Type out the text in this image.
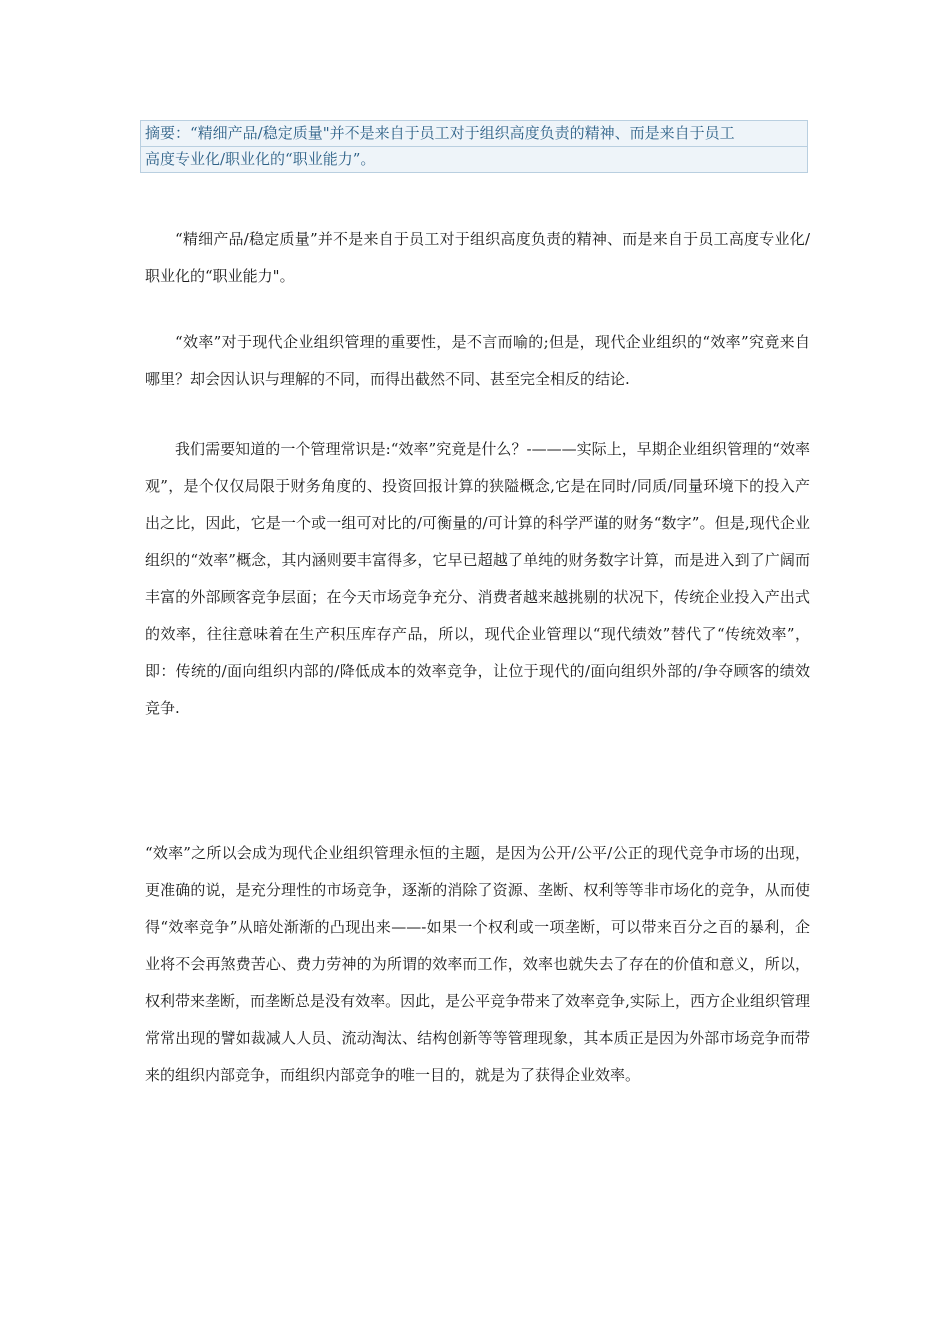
摘要：“精细产品/稳定质量"并不是来自于员工对于组织高度负责的精神、而是来自于员工
高度专业化/职业化的“职业能力”。

“精细产品/稳定质量”并不是来自于员工对于组织高度负责的精神、而是来自于员工高度专业化/职业化的“职业能力"。

“效率”对于现代企业组织管理的重要性，是不言而喻的;但是，现代企业组织的“效率”究竟来自哪里？却会因认识与理解的不同，而得出截然不同、甚至完全相反的结论.

我们需要知道的一个管理常识是:“效率”究竟是什么？-———实际上，早期企业组织管理的“效率观”，是个仅仅局限于财务角度的、投资回报计算的狭隘概念,它是在同时/同质/同量环境下的投入产出之比，因此，它是一个或一组可对比的/可衡量的/可计算的科学严谨的财务“数字”。但是,现代企业组织的“效率”概念，其内涵则要丰富得多，它早已超越了单纯的财务数字计算，而是进入到了广阔而丰富的外部顾客竞争层面；在今天市场竞争充分、消费者越来越挑剔的状况下，传统企业投入产出式的效率，往往意味着在生产积压库存产品，所以，现代企业管理以“现代绩效”替代了“传统效率”，即：传统的/面向组织内部的/降低成本的效率竞争，让位于现代的/面向组织外部的/争夺顾客的绩效竞争.

“效率”之所以会成为现代企业组织管理永恒的主题，是因为公开/公平/公正的现代竞争市场的出现，更准确的说，是充分理性的市场竞争，逐渐的消除了资源、垄断、权利等等非市场化的竞争，从而使得“效率竞争”从暗处渐渐的凸现出来——-如果一个权利或一项垄断，可以带来百分之百的暴利，企业将不会再煞费苦心、费力劳神的为所谓的效率而工作，效率也就失去了存在的价值和意义，所以，权利带来垄断，而垄断总是没有效率。因此，是公平竞争带来了效率竞争,实际上，西方企业组织管理常常出现的譬如裁减人人员、流动淘汰、结构创新等等管理现象，其本质正是因为外部市场竞争而带来的组织内部竞争，而组织内部竞争的唯一目的，就是为了获得企业效率。
